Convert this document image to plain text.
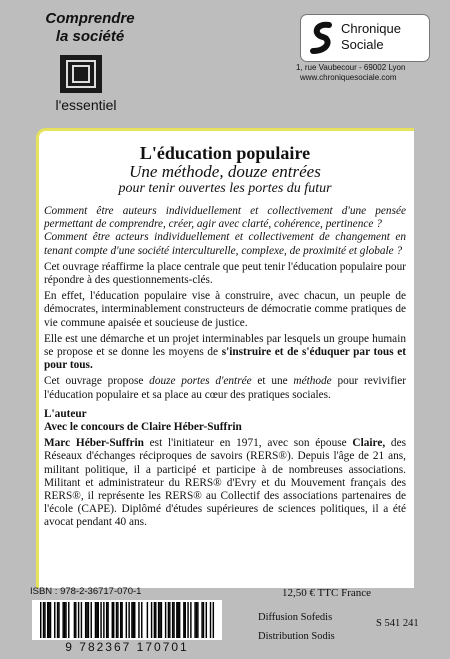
Comprendre
la société
l'essentiel
Chronique
Sociale
1, rue Vaubecour - 69002 Lyon
www.chroniquesociale.com
L'éducation populaire
Une méthode, douze entrées
pour tenir ouvertes les portes du futur

Comment être auteurs individuellement et collectivement d'une pensée permettant de comprendre, créer, agir avec clarté, cohérence, pertinence ?

Comment être acteurs individuellement et collectivement de changement en tenant compte d'une société interculturelle, complexe, de proximité et globale ?

Cet ouvrage réaffirme la place centrale que peut tenir l'éducation populaire pour répondre à des questionnements-clés.

En effet, l'éducation populaire vise à construire, avec chacun, un peuple de démocrates, interminablement constructeurs de démocratie comme pratiques de vie commune apaisée et soucieuse de justice.

Elle est une démarche et un projet interminables par lesquels un groupe humain se propose et se donne les moyens de s'instruire et de s'éduquer par tous et pour tous.

Cet ouvrage propose douze portes d'entrée et une méthode pour revivifier l'éducation populaire et sa place au cœur des pratiques sociales.

L'auteur

Avec le concours de Claire Héber-Suffrin

Marc Héber-Suffrin est l'initiateur en 1971, avec son épouse Claire, des Réseaux d'échanges réciproques de savoirs (RERS®). Depuis l'âge de 21 ans, militant politique, il a participé et participe à de nombreuses associations. Militant et administrateur du RERS® d'Evry et du Mouvement français des RERS®, il représente les RERS® au Collectif des associations partenaires de l'école (CAPE). Diplômé d'études supérieures de sciences politiques, il a été avocat pendant 40 ans.

ISBN : 978-2-36717-070-1
9 782367 170701
12,50 € TTC France
Diffusion Sofedis
Distribution Sodis
S 541 241
